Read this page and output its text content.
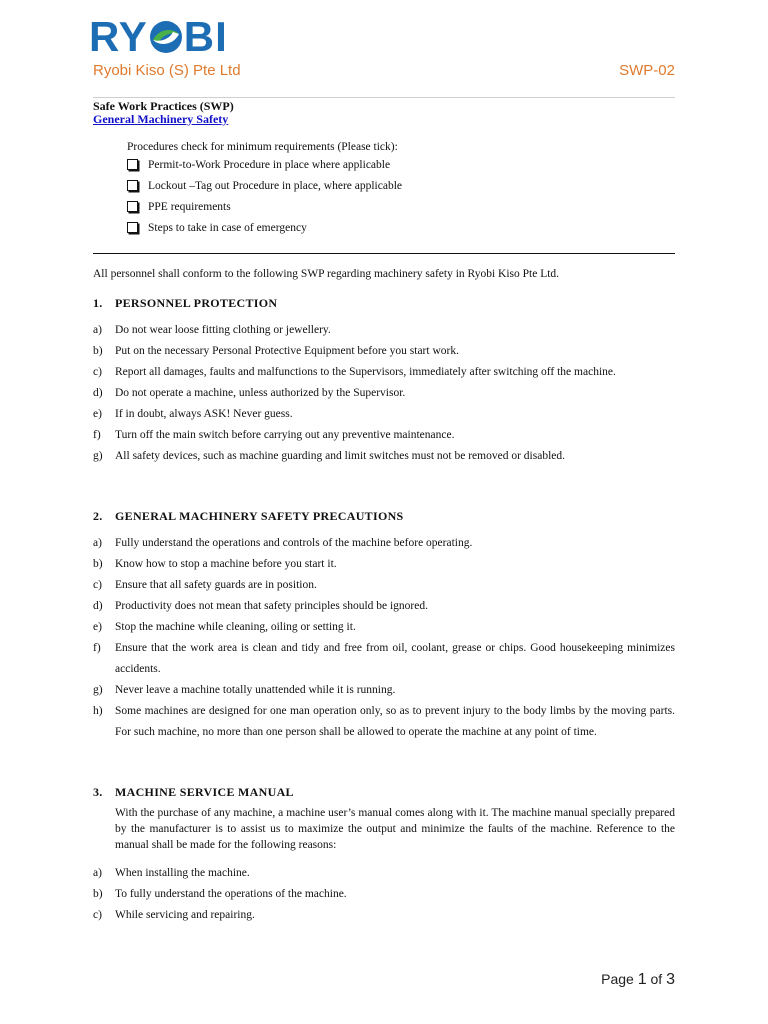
RY BI
Ryobi Kiso (S) Pte Ltd	SWP-02
Safe Work Practices (SWP)
General Machinery Safety
Procedures check for minimum requirements (Please tick):
Permit-to-Work Procedure in place where applicable
Lockout –Tag out Procedure in place, where applicable
PPE requirements
Steps to take in case of emergency
All personnel shall conform to the following SWP regarding machinery safety in Ryobi Kiso Pte Ltd.
1. PERSONNEL PROTECTION
a)	Do not wear loose fitting clothing or jewellery.
b)	Put on the necessary Personal Protective Equipment before you start work.
c)	Report all damages, faults and malfunctions to the Supervisors, immediately after switching off the machine.
d)	Do not operate a machine, unless authorized by the Supervisor.
e)	If in doubt, always ASK! Never guess.
f)	Turn off the main switch before carrying out any preventive maintenance.
g)	All safety devices, such as machine guarding and limit switches must not be removed or disabled.
2. GENERAL MACHINERY SAFETY PRECAUTIONS
a)	Fully understand the operations and controls of the machine before operating.
b)	Know how to stop a machine before you start it.
c)	Ensure that all safety guards are in position.
d)	Productivity does not mean that safety principles should be ignored.
e)	Stop the machine while cleaning, oiling or setting it.
f)	Ensure that the work area is clean and tidy and free from oil, coolant, grease or chips. Good housekeeping minimizes accidents.
g)	Never leave a machine totally unattended while it is running.
h)	Some machines are designed for one man operation only, so as to prevent injury to the body limbs by the moving parts. For such machine, no more than one person shall be allowed to operate the machine at any point of time.
3. MACHINE SERVICE MANUAL
With the purchase of any machine, a machine user’s manual comes along with it. The machine manual specially prepared by the manufacturer is to assist us to maximize the output and minimize the faults of the machine. Reference to the manual shall be made for the following reasons:
a)	When installing the machine.
b)	To fully understand the operations of the machine.
c)	While servicing and repairing.
Page 1 of 3
